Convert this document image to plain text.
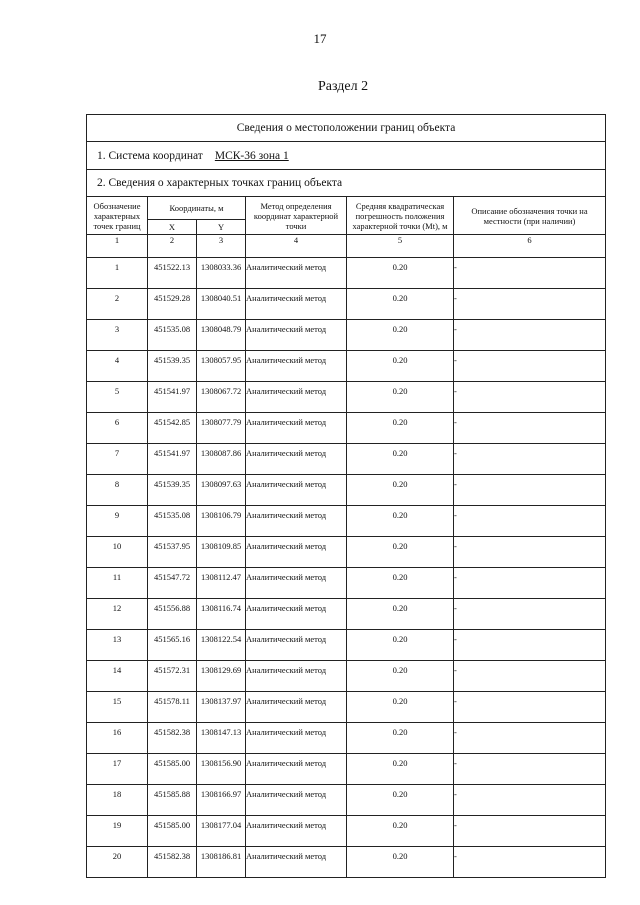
17
Раздел 2
Сведения о местоположении границ объекта
1. Система координат МСК-36 зона 1
2. Сведения о характерных точках границ объекта
Обозначение характерных точек границ	Координаты, м		Метод определения координат характерной точки	Средняя квадратическая погрешность положения характерной точки (Mt), м	Описание обозначения точки на местности (при наличии)
	X	Y			
1	2	3	4	5	6
1	451522.13	1308033.36	Аналитический метод	0.20	-
2	451529.28	1308040.51	Аналитический метод	0.20	-
3	451535.08	1308048.79	Аналитический метод	0.20	-
4	451539.35	1308057.95	Аналитический метод	0.20	-
5	451541.97	1308067.72	Аналитический метод	0.20	-
6	451542.85	1308077.79	Аналитический метод	0.20	-
7	451541.97	1308087.86	Аналитический метод	0.20	-
8	451539.35	1308097.63	Аналитический метод	0.20	-
9	451535.08	1308106.79	Аналитический метод	0.20	-
10	451537.95	1308109.85	Аналитический метод	0.20	-
11	451547.72	1308112.47	Аналитический метод	0.20	-
12	451556.88	1308116.74	Аналитический метод	0.20	-
13	451565.16	1308122.54	Аналитический метод	0.20	-
14	451572.31	1308129.69	Аналитический метод	0.20	-
15	451578.11	1308137.97	Аналитический метод	0.20	-
16	451582.38	1308147.13	Аналитический метод	0.20	-
17	451585.00	1308156.90	Аналитический метод	0.20	-
18	451585.88	1308166.97	Аналитический метод	0.20	-
19	451585.00	1308177.04	Аналитический метод	0.20	-
20	451582.38	1308186.81	Аналитический метод	0.20	-
